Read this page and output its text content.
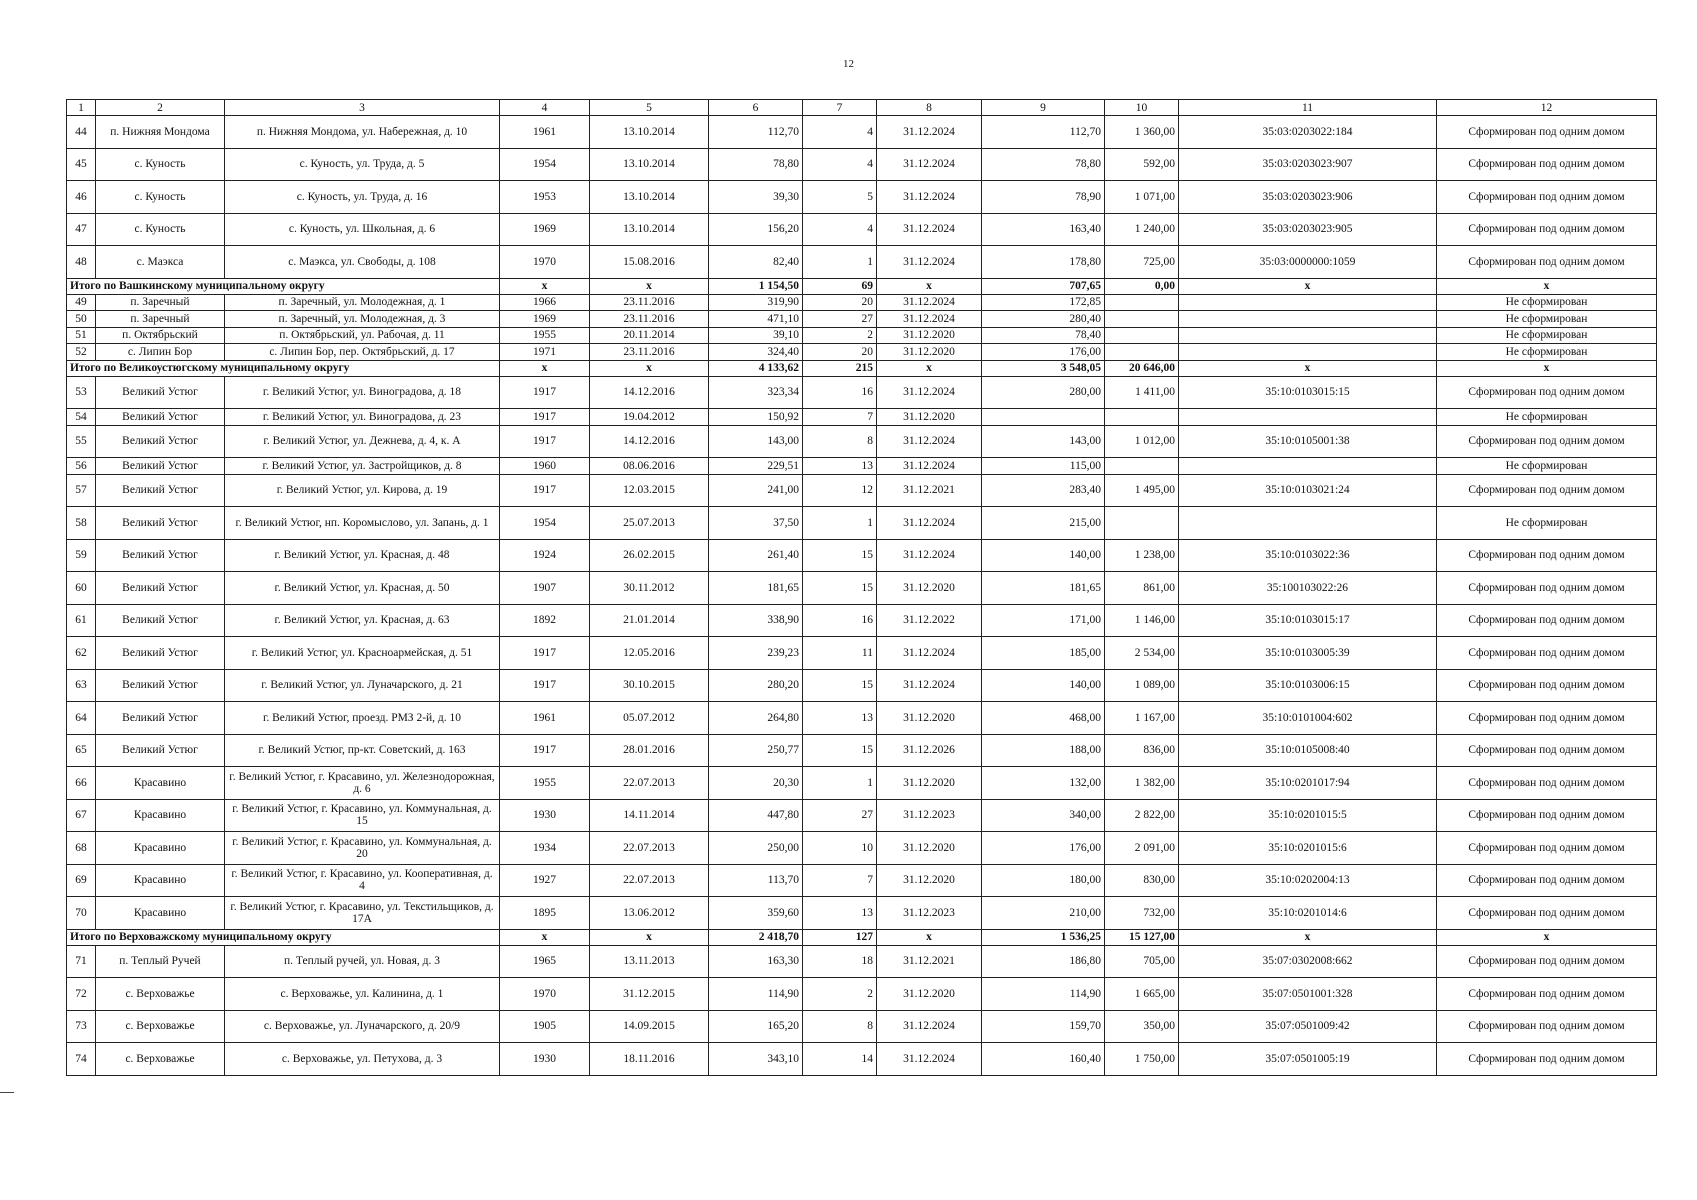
12
1	2	3	4	5	6	7	8	9	10	11	12
44	п. Нижняя Мондома	п. Нижняя Мондома, ул. Набережная, д. 10	1961	13.10.2014	112,70	4	31.12.2024	112,70	1 360,00	35:03:0203022:184	Сформирован под одним домом
45	с. Куность	с. Куность, ул. Труда, д. 5	1954	13.10.2014	78,80	4	31.12.2024	78,80	592,00	35:03:0203023:907	Сформирован под одним домом
46	с. Куность	с. Куность, ул. Труда, д. 16	1953	13.10.2014	39,30	5	31.12.2024	78,90	1 071,00	35:03:0203023:906	Сформирован под одним домом
47	с. Куность	с. Куность, ул. Школьная, д. 6	1969	13.10.2014	156,20	4	31.12.2024	163,40	1 240,00	35:03:0203023:905	Сформирован под одним домом
48	с. Маэкса	с. Маэкса, ул. Свободы, д. 108	1970	15.08.2016	82,40	1	31.12.2024	178,80	725,00	35:03:0000000:1059	Сформирован под одним домом
Итого по Вашкинскому муниципальному округу			x	x	1 154,50	69	x	707,65	0,00	x	x
49	п. Заречный	п. Заречный, ул. Молодежная, д. 1	1966	23.11.2016	319,90	20	31.12.2024	172,85			Не сформирован
50	п. Заречный	п. Заречный, ул. Молодежная, д. 3	1969	23.11.2016	471,10	27	31.12.2024	280,40			Не сформирован
51	п. Октябрьский	п. Октябрьский, ул. Рабочая, д. 11	1955	20.11.2014	39,10	2	31.12.2020	78,40			Не сформирован
52	с. Липин Бор	с. Липин Бор, пер. Октябрьский, д. 17	1971	23.11.2016	324,40	20	31.12.2020	176,00			Не сформирован
Итого по Великоустюгскому муниципальному округу			x	x	4 133,62	215	x	3 548,05	20 646,00	x	x
53	Великий Устюг	г. Великий Устюг, ул. Виноградова, д. 18	1917	14.12.2016	323,34	16	31.12.2024	280,00	1 411,00	35:10:0103015:15	Сформирован под одним домом
54	Великий Устюг	г. Великий Устюг, ул. Виноградова, д. 23	1917	19.04.2012	150,92	7	31.12.2020				Не сформирован
55	Великий Устюг	г. Великий Устюг, ул. Дежнева, д. 4, к. А	1917	14.12.2016	143,00	8	31.12.2024	143,00	1 012,00	35:10:0105001:38	Сформирован под одним домом
56	Великий Устюг	г. Великий Устюг, ул. Застройщиков, д. 8	1960	08.06.2016	229,51	13	31.12.2024	115,00			Не сформирован
57	Великий Устюг	г. Великий Устюг, ул. Кирова, д. 19	1917	12.03.2015	241,00	12	31.12.2021	283,40	1 495,00	35:10:0103021:24	Сформирован под одним домом
58	Великий Устюг	г. Великий Устюг, нп. Коромыслово, ул. Запань, д. 1	1954	25.07.2013	37,50	1	31.12.2024	215,00			Не сформирован
59	Великий Устюг	г. Великий Устюг, ул. Красная, д. 48	1924	26.02.2015	261,40	15	31.12.2024	140,00	1 238,00	35:10:0103022:36	Сформирован под одним домом
60	Великий Устюг	г. Великий Устюг, ул. Красная, д. 50	1907	30.11.2012	181,65	15	31.12.2020	181,65	861,00	35:100103022:26	Сформирован под одним домом
61	Великий Устюг	г. Великий Устюг, ул. Красная, д. 63	1892	21.01.2014	338,90	16	31.12.2022	171,00	1 146,00	35:10:0103015:17	Сформирован под одним домом
62	Великий Устюг	г. Великий Устюг, ул. Красноармейская, д. 51	1917	12.05.2016	239,23	11	31.12.2024	185,00	2 534,00	35:10:0103005:39	Сформирован под одним домом
63	Великий Устюг	г. Великий Устюг, ул. Луначарского, д. 21	1917	30.10.2015	280,20	15	31.12.2024	140,00	1 089,00	35:10:0103006:15	Сформирован под одним домом
64	Великий Устюг	г. Великий Устюг, проезд. РМЗ 2-й, д. 10	1961	05.07.2012	264,80	13	31.12.2020	468,00	1 167,00	35:10:0101004:602	Сформирован под одним домом
65	Великий Устюг	г. Великий Устюг, пр-кт. Советский, д. 163	1917	28.01.2016	250,77	15	31.12.2026	188,00	836,00	35:10:0105008:40	Сформирован под одним домом
66	Красавино	г. Великий Устюг, г. Красавино, ул. Железнодорожная, д. 6	1955	22.07.2013	20,30	1	31.12.2020	132,00	1 382,00	35:10:0201017:94	Сформирован под одним домом
67	Красавино	г. Великий Устюг, г. Красавино, ул. Коммунальная, д. 15	1930	14.11.2014	447,80	27	31.12.2023	340,00	2 822,00	35:10:0201015:5	Сформирован под одним домом
68	Красавино	г. Великий Устюг, г. Красавино, ул. Коммунальная, д. 20	1934	22.07.2013	250,00	10	31.12.2020	176,00	2 091,00	35:10:0201015:6	Сформирован под одним домом
69	Красавино	г. Великий Устюг, г. Красавино, ул. Кооперативная, д. 4	1927	22.07.2013	113,70	7	31.12.2020	180,00	830,00	35:10:0202004:13	Сформирован под одним домом
70	Красавино	г. Великий Устюг, г. Красавино, ул. Текстильщиков, д. 17А	1895	13.06.2012	359,60	13	31.12.2023	210,00	732,00	35:10:0201014:6	Сформирован под одним домом
Итого по Верховажскому муниципальному округу			x	x	2 418,70	127	x	1 536,25	15 127,00	x	x
71	п. Теплый Ручей	п. Теплый ручей, ул. Новая, д. 3	1965	13.11.2013	163,30	18	31.12.2021	186,80	705,00	35:07:0302008:662	Сформирован под одним домом
72	с. Верховажье	с. Верховажье, ул. Калинина, д. 1	1970	31.12.2015	114,90	2	31.12.2020	114,90	1 665,00	35:07:0501001:328	Сформирован под одним домом
73	с. Верховажье	с. Верховажье, ул. Луначарского, д. 20/9	1905	14.09.2015	165,20	8	31.12.2024	159,70	350,00	35:07:0501009:42	Сформирован под одним домом
74	с. Верховажье	с. Верховажье, ул. Петухова, д. 3	1930	18.11.2016	343,10	14	31.12.2024	160,40	1 750,00	35:07:0501005:19	Сформирован под одним домом
